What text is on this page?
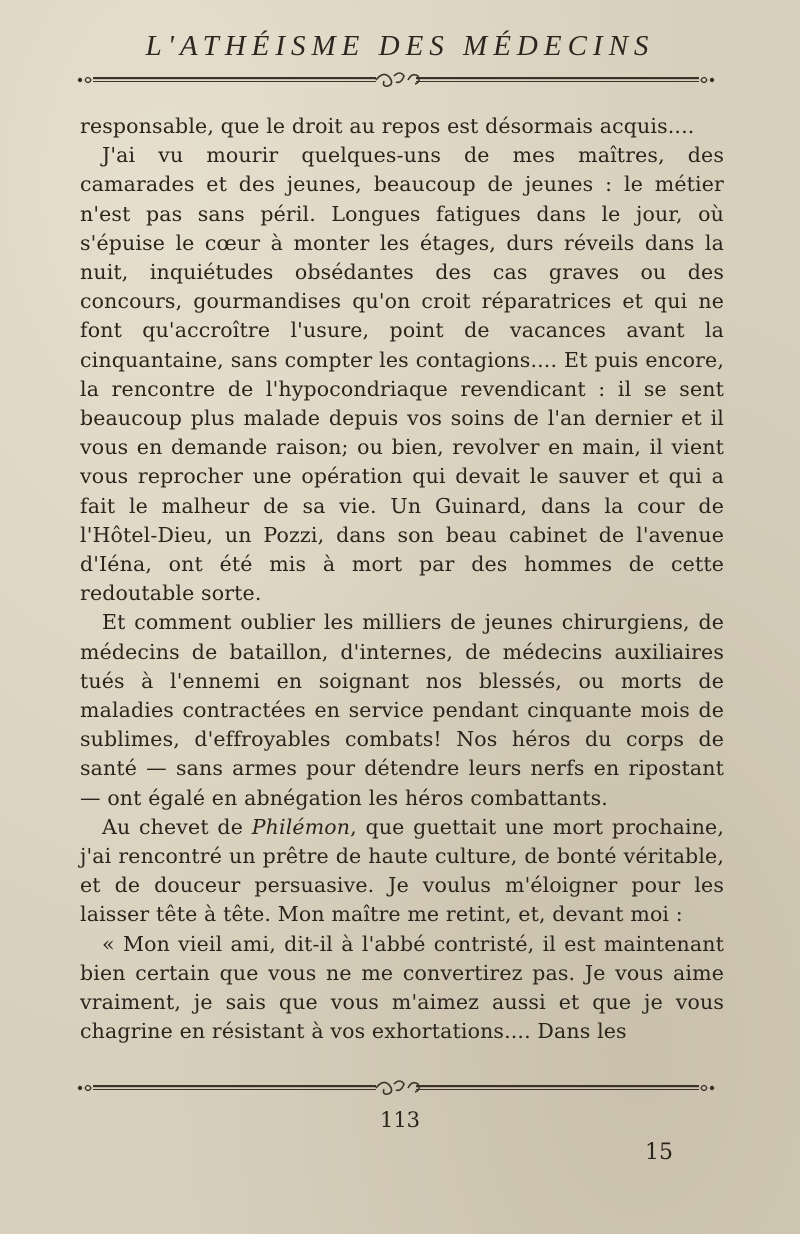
L'ATHÉISME DES MÉDECINS

responsable, que le droit au repos est désormais acquis....

J'ai vu mourir quelques-uns de mes maîtres, des camarades et des jeunes, beaucoup de jeunes : le métier n'est pas sans péril. Longues fatigues dans le jour, où s'épuise le cœur à monter les étages, durs réveils dans la nuit, inquiétudes obsédantes des cas graves ou des concours, gourmandises qu'on croit réparatrices et qui ne font qu'accroître l'usure, point de vacances avant la cinquantaine, sans compter les contagions.... Et puis encore, la rencontre de l'hypocondriaque revendicant : il se sent beaucoup plus malade depuis vos soins de l'an dernier et il vous en demande raison; ou bien, revolver en main, il vient vous reprocher une opération qui devait le sauver et qui a fait le malheur de sa vie. Un Guinard, dans la cour de l'Hôtel-Dieu, un Pozzi, dans son beau cabinet de l'avenue d'Iéna, ont été mis à mort par des hommes de cette redoutable sorte.

Et comment oublier les milliers de jeunes chirurgiens, de médecins de bataillon, d'internes, de médecins auxiliaires tués à l'ennemi en soignant nos blessés, ou morts de maladies contractées en service pendant cinquante mois de sublimes, d'effroyables combats! Nos héros du corps de santé — sans armes pour détendre leurs nerfs en ripostant — ont égalé en abnégation les héros combattants.

Au chevet de Philémon, que guettait une mort prochaine, j'ai rencontré un prêtre de haute culture, de bonté véritable, et de douceur persuasive. Je voulus m'éloigner pour les laisser tête à tête. Mon maître me retint, et, devant moi :

« Mon vieil ami, dit-il à l'abbé contristé, il est maintenant bien certain que vous ne me convertirez pas. Je vous aime vraiment, je sais que vous m'aimez aussi et que je vous chagrine en résistant à vos exhortations.... Dans les

113
15
